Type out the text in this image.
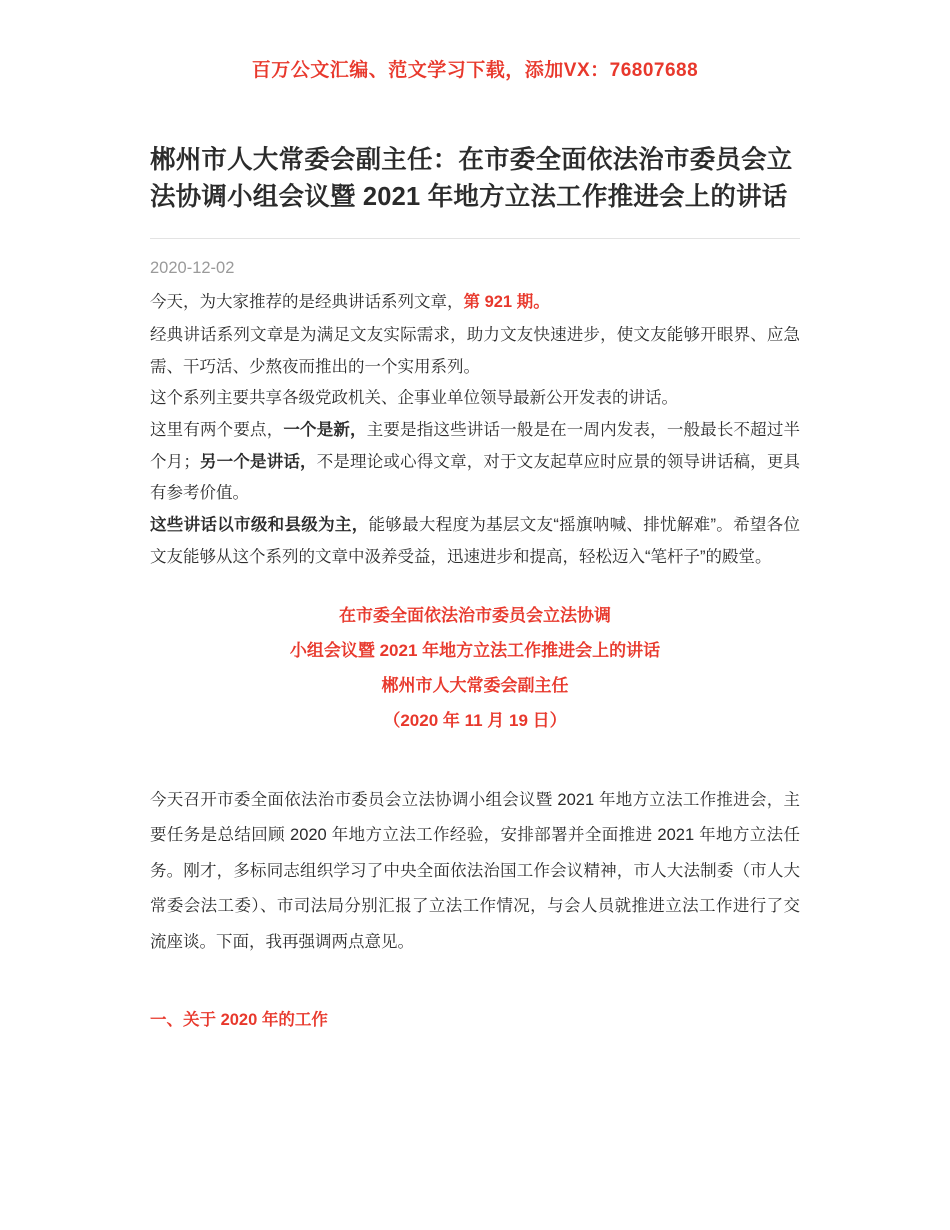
百万公文汇编、范文学习下载，添加VX：76807688
郴州市人大常委会副主任：在市委全面依法治市委员会立法协调小组会议暨 2021 年地方立法工作推进会上的讲话
2020-12-02

今天，为大家推荐的是经典讲话系列文章，第 921 期。

经典讲话系列文章是为满足文友实际需求，助力文友快速进步，使文友能够开眼界、应急需、干巧活、少熬夜而推出的一个实用系列。

这个系列主要共享各级党政机关、企事业单位领导最新公开发表的讲话。

这里有两个要点，一个是新，主要是指这些讲话一般是在一周内发表，一般最长不超过半个月；另一个是讲话，不是理论或心得文章，对于文友起草应时应景的领导讲话稿，更具有参考价值。

这些讲话以市级和县级为主，能够最大程度为基层文友“摇旗呐喊、排忧解难”。希望各位文友能够从这个系列的文章中汲养受益，迅速进步和提高，轻松迈入“笔杆子”的殿堂。

在市委全面依法治市委员会立法协调
小组会议暨 2021 年地方立法工作推进会上的讲话
郴州市人大常委会副主任
（2020 年 11 月 19 日）

今天召开市委全面依法治市委员会立法协调小组会议暨 2021 年地方立法工作推进会，主要任务是总结回顾 2020 年地方立法工作经验，安排部署并全面推进 2021 年地方立法任务。刚才，多标同志组织学习了中央全面依法治国工作会议精神，市人大法制委（市人大常委会法工委）、市司法局分别汇报了立法工作情况，与会人员就推进立法工作进行了交流座谈。下面，我再强调两点意见。

一、关于 2020 年的工作
